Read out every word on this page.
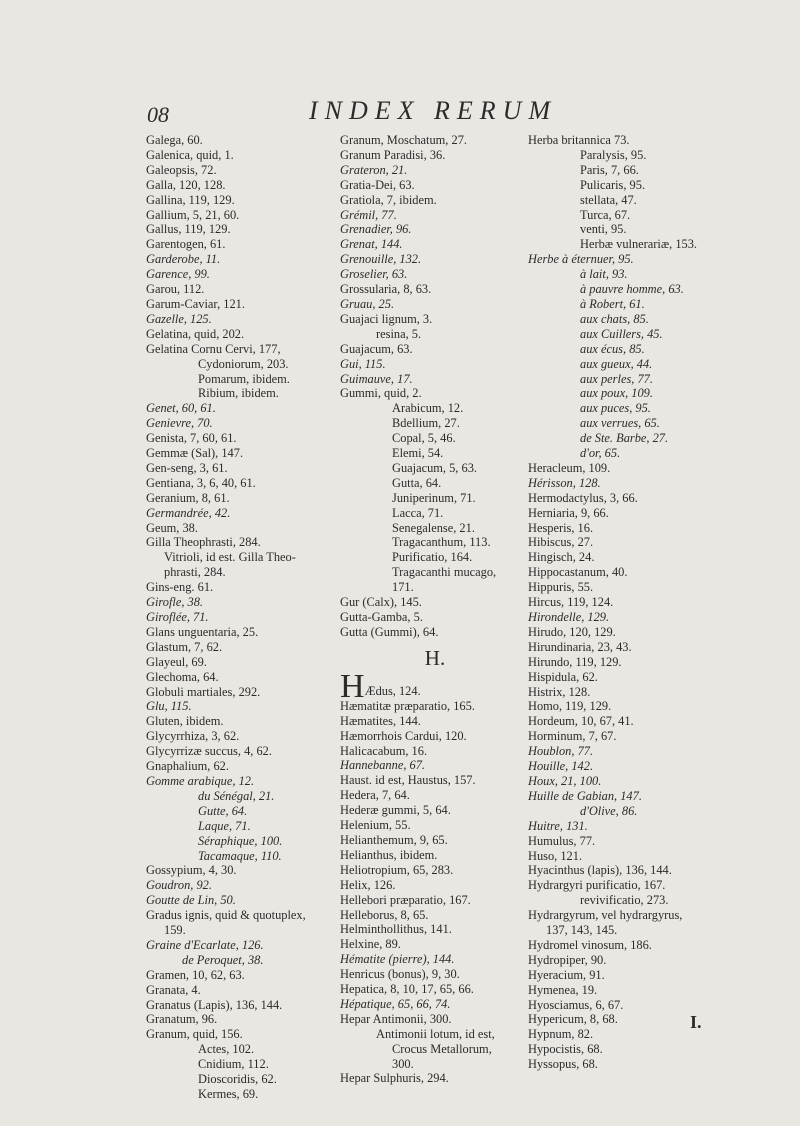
08	INDEX RERUM
Galega, 60.
Galenica, quid, 1.
Galeopsis, 72.
Galla, 120, 128.
Gallina, 119, 129.
Gallium, 5, 21, 60.
Gallus, 119, 129.
Garentogen, 61.
Garderobe, 11.
Garence, 99.
Garou, 112.
Garum-Caviar, 121.
Gazelle, 125.
Gelatina, quid, 202.
Gelatina Cornu Cervi, 177,
Cydoniorum, 203.
Pomarum, ibidem.
Ribium, ibidem.
Genet, 60, 61.
Genievre, 70.
Genista, 7, 60, 61.
Gemmæ (Sal), 147.
Gen-seng, 3, 61.
Gentiana, 3, 6, 40, 61.
Geranium, 8, 61.
Germandrée, 42.
Geum, 38.
Gilla Theophrasti, 284.
Vitrioli, id est. Gilla Theo-
phrasti, 284.
Gins-eng. 61.
Girofle, 38.
Giroflée, 71.
Glans unguentaria, 25.
Glastum, 7, 62.
Glayeul, 69.
Glechoma, 64.
Globuli martiales, 292.
Glu, 115.
Gluten, ibidem.
Glycyrrhiza, 3, 62.
Glycyrrizæ succus, 4, 62.
Gnaphalium, 62.
Gomme arabique, 12.
du Sénégal, 21.
Gutte, 64.
Laque, 71.
Séraphique, 100.
Tacamaque, 110.
Gossypium, 4, 30.
Goudron, 92.
Goutte de Lin, 50.
Gradus ignis, quid & quotuplex,
159.
Graine d'Ecarlate, 126.
de Peroquet, 38.
Gramen, 10, 62, 63.
Granata, 4.
Granatus (Lapis), 136, 144.
Granatum, 96.
Granum, quid, 156.
Actes, 102.
Cnidium, 112.
Dioscoridis, 62.
Kermes, 69.
Granum, Moschatum, 27.
Granum Paradisi, 36.
Grateron, 21.
Gratia-Dei, 63.
Gratiola, 7, ibidem.
Grémil, 77.
Grenadier, 96.
Grenat, 144.
Grenouille, 132.
Groselier, 63.
Grossularia, 8, 63.
Gruau, 25.
Guajaci lignum, 3.
resina, 5.
Guajacum, 63.
Gui, 115.
Guimauve, 17.
Gummi, quid, 2.
Arabicum, 12.
Bdellium, 27.
Copal, 5, 46.
Elemi, 54.
Guajacum, 5, 63.
Gutta, 64.
Juniperinum, 71.
Lacca, 71.
Senegalense, 21.
Tragacanthum, 113.
Purificatio, 164.
Tragacanthi mucago,
171.
Gur (Calx), 145.
Gutta-Gamba, 5.
Gutta (Gummi), 64.
H.
HÆdus, 124.
Hæmatitæ præparatio, 165.
Hæmatites, 144.
Hæmorrhois Cardui, 120.
Halicacabum, 16.
Hannebanne, 67.
Haust. id est, Haustus, 157.
Hedera, 7, 64.
Hederæ gummi, 5, 64.
Helenium, 55.
Helianthemum, 9, 65.
Helianthus, ibidem.
Heliotropium, 65, 283.
Helix, 126.
Hellebori præparatio, 167.
Helleborus, 8, 65.
Helminthollithus, 141.
Helxine, 89.
Hématite (pierre), 144.
Henricus (bonus), 9, 30.
Hepatica, 8, 10, 17, 65, 66.
Hépatique, 65, 66, 74.
Hepar Antimonii, 300.
Antimonii lotum, id est,
Crocus Metallorum,
300.
Hepar Sulphuris, 294.
Herba britannica 73.
Paralysis, 95.
Paris, 7, 66.
Pulicaris, 95.
stellata, 47.
Turca, 67.
venti, 95.
Herbæ vulnerariæ, 153.
Herbe à éternuer, 95.
à lait, 93.
à pauvre homme, 63.
à Robert, 61.
aux chats, 85.
aux Cuillers, 45.
aux écus, 85.
aux gueux, 44.
aux perles, 77.
aux poux, 109.
aux puces, 95.
aux verrues, 65.
de Ste. Barbe, 27.
d'or, 65.
Heracleum, 109.
Hérisson, 128.
Hermodactylus, 3, 66.
Herniaria, 9, 66.
Hesperis, 16.
Hibiscus, 27.
Hingisch, 24.
Hippocastanum, 40.
Hippuris, 55.
Hircus, 119, 124.
Hirondelle, 129.
Hirudo, 120, 129.
Hirundinaria, 23, 43.
Hirundo, 119, 129.
Hispidula, 62.
Histrix, 128.
Homo, 119, 129.
Hordeum, 10, 67, 41.
Horminum, 7, 67.
Houblon, 77.
Houille, 142.
Houx, 21, 100.
Huille de Gabian, 147.
d'Olive, 86.
Huitre, 131.
Humulus, 77.
Huso, 121.
Hyacinthus (lapis), 136, 144.
Hydrargyri purificatio, 167.
revivificatio, 273.
Hydrargyrum, vel hydrargyrus,
137, 143, 145.
Hydromel vinosum, 186.
Hydropiper, 90.
Hyeracium, 91.
Hymenea, 19.
Hyosciamus, 6, 67.
Hypericum, 8, 68.
Hypnum, 82.
Hypocistis, 68.
Hyssopus, 68.
I.
